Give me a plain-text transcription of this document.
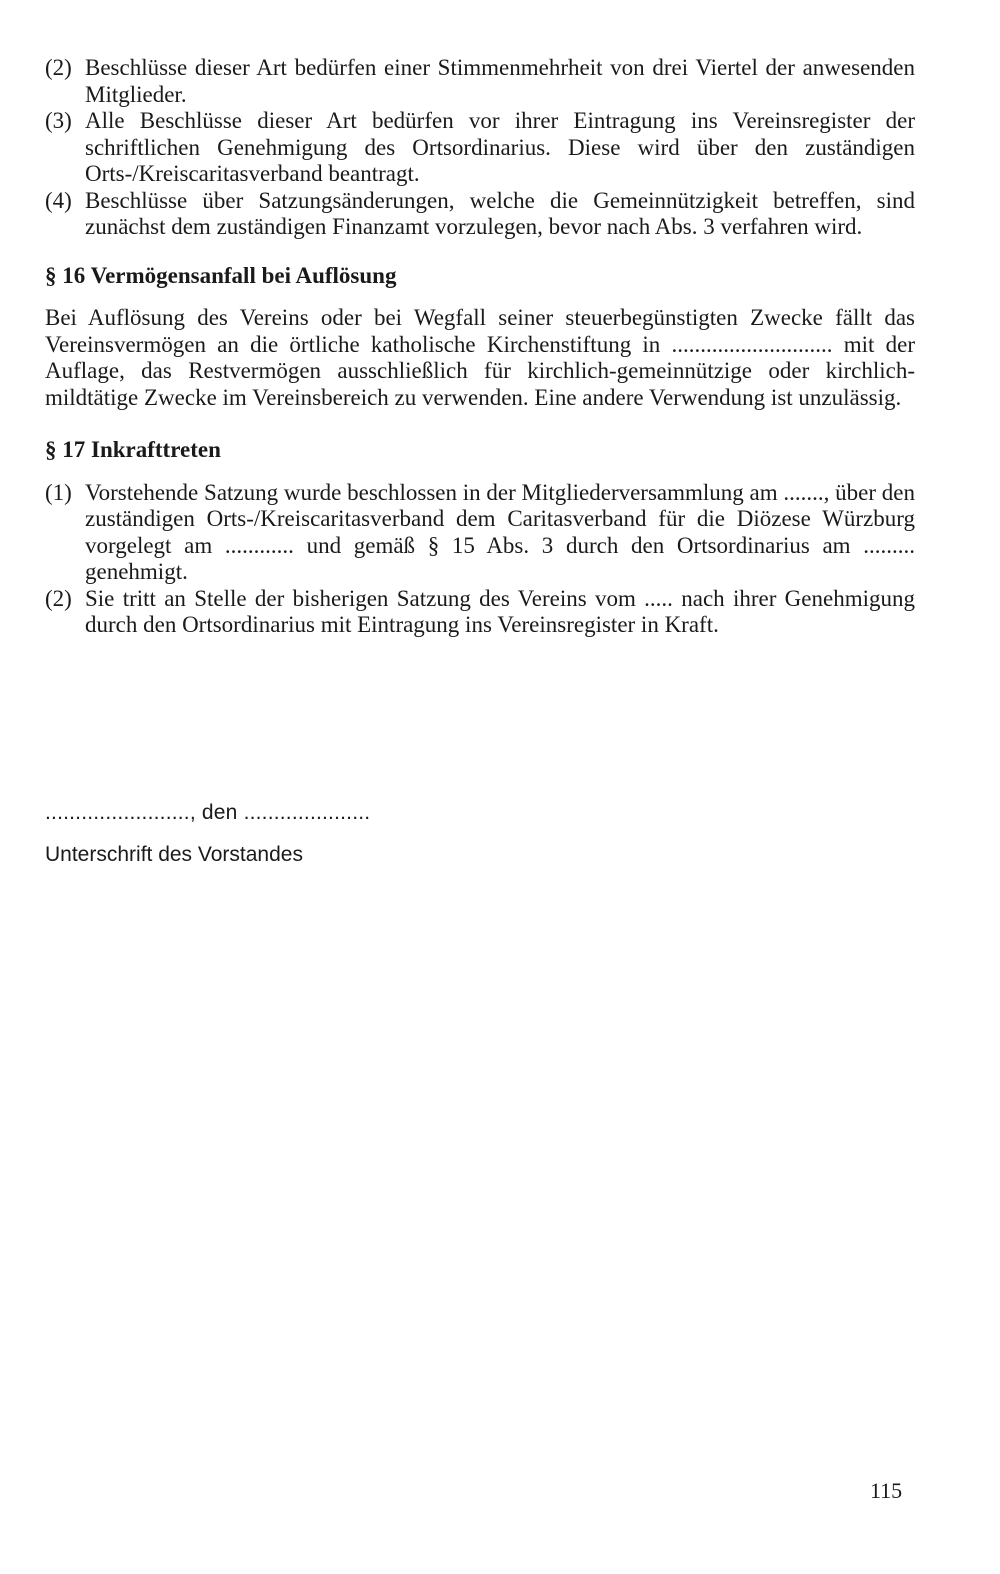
(2) Beschlüsse dieser Art bedürfen einer Stimmenmehrheit von drei Viertel der anwesenden Mitglieder.
(3) Alle Beschlüsse dieser Art bedürfen vor ihrer Eintragung ins Vereinsregister der schriftlichen Genehmigung des Ortsordinarius. Diese wird über den zuständigen Orts-/Kreiscaritasverband beantragt.
(4) Beschlüsse über Satzungsänderungen, welche die Gemeinnützigkeit betreffen, sind zunächst dem zuständigen Finanzamt vorzulegen, bevor nach Abs. 3 verfahren wird.
§ 16 Vermögensanfall bei Auflösung

Bei Auflösung des Vereins oder bei Wegfall seiner steuerbegünstigten Zwecke fällt das Vereinsvermögen an die örtliche katholische Kirchenstiftung in ............................ mit der Auflage, das Restvermögen ausschließlich für kirchlich-gemeinnützige oder kirchlich-mildtätige Zwecke im Vereinsbereich zu verwenden. Eine andere Verwendung ist unzulässig.

§ 17 Inkrafttreten
(1) Vorstehende Satzung wurde beschlossen in der Mitgliederversammlung am ......., über den zuständigen Orts-/Kreiscaritasverband dem Caritasverband für die Diözese Würzburg vorgelegt am ............ und gemäß § 15 Abs. 3 durch den Ortsordinarius am ......... genehmigt.
(2) Sie tritt an Stelle der bisherigen Satzung des Vereins vom ..... nach ihrer Genehmigung durch den Ortsordinarius mit Eintragung ins Vereinsregister in Kraft.
........................, den .....................
Unterschrift des Vorstandes
115
